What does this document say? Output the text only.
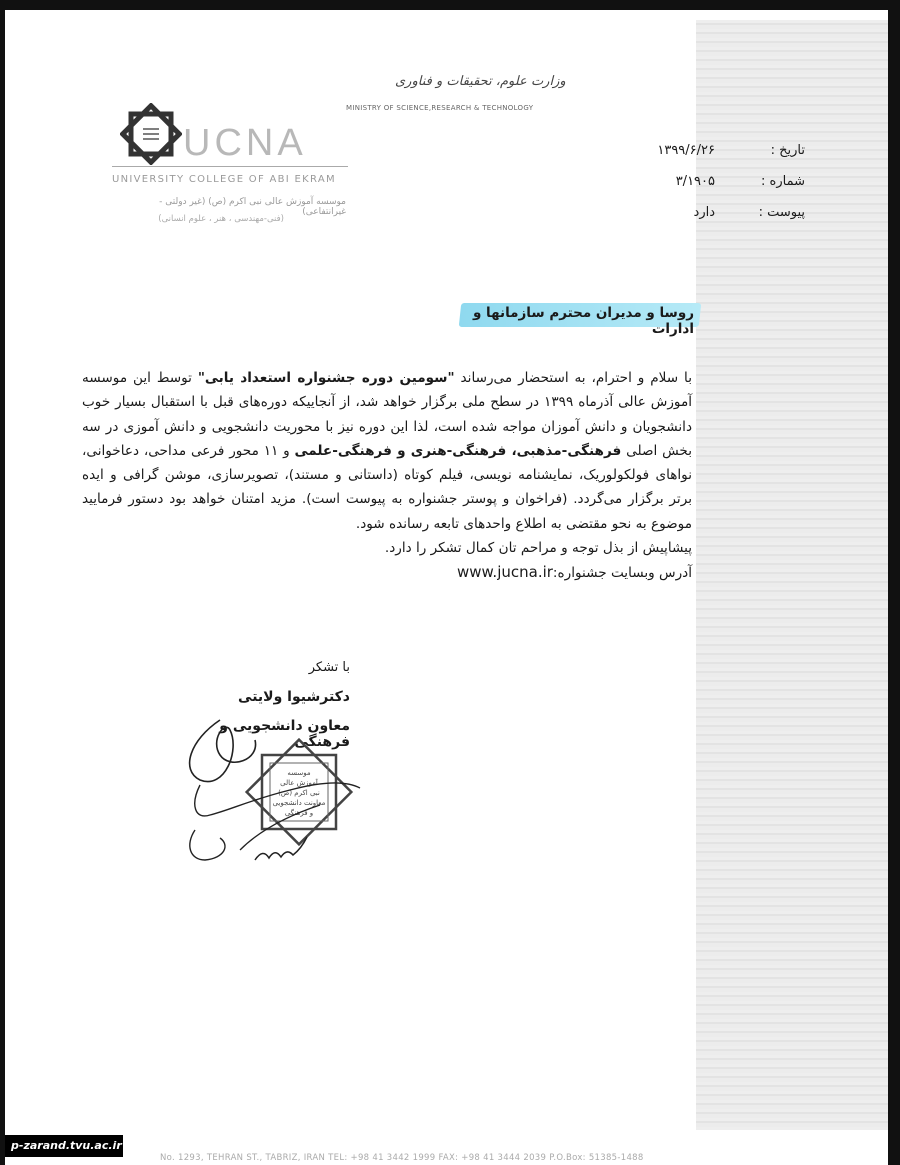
وزارت علوم، تحقیقات و فناوری
MINISTRY OF SCIENCE,RESEARCH & TECHNOLOGY
UCNA
UNIVERSITY COLLEGE OF ABI EKRAM
موسسه آموزش عالی نبی اکرم (ص) (غیر دولتی - غیرانتفاعی)
(فنی-مهندسی ، هنر ، علوم انسانی)
تاریخ :
۱۳۹۹/۶/۲۶
شماره :
۳/۱۹۰۵
پیوست :
دارد
روسا و مدیران محترم سازمانها و ادارات

با سلام و احترام، به استحضار می‌رساند "سومین دوره جشنواره استعداد یابی" توسط این موسسه آموزش عالی آذرماه ۱۳۹۹ در سطح ملی برگزار خواهد شد، از آنجاییکه دوره‌های قبل با استقبال بسیار خوب دانشجویان و دانش آموزان مواجه شده است، لذا این دوره نیز با محوریت دانشجویی و دانش آموزی در سه بخش اصلی فرهنگی-مذهبی، فرهنگی-هنری و فرهنگی-علمی و ۱۱ محور فرعی مداحی، دعاخوانی، نواهای فولکولوریک، نمایشنامه نویسی، فیلم کوتاه (داستانی و مستند)، تصویرسازی، موشن گرافی و ایده برتر برگزار می‌گردد. (فراخوان و پوستر جشنواره به پیوست است). مزید امتنان خواهد بود دستور فرمایید موضوع به نحو مقتضی به اطلاع واحدهای تابعه رسانده شود.

پیشاپیش از بذل توجه و مراحم تان کمال تشکر را دارد.

آدرس وبسایت جشنواره:www.jucna.ir

با تشکر
دکترشیوا ولایتی
معاون دانشجویی و فرهنگی
موسسه
آموزش عالی
نبی اکرم (ص)
معاونت دانشجویی
و فرهنگی
No. 1293, TEHRAN ST., TABRIZ, IRAN TEL: +98 41 3442 1999 FAX: +98 41 3444 2039 P.O.Box: 51385-1488
p-zarand.tvu.ac.ir
